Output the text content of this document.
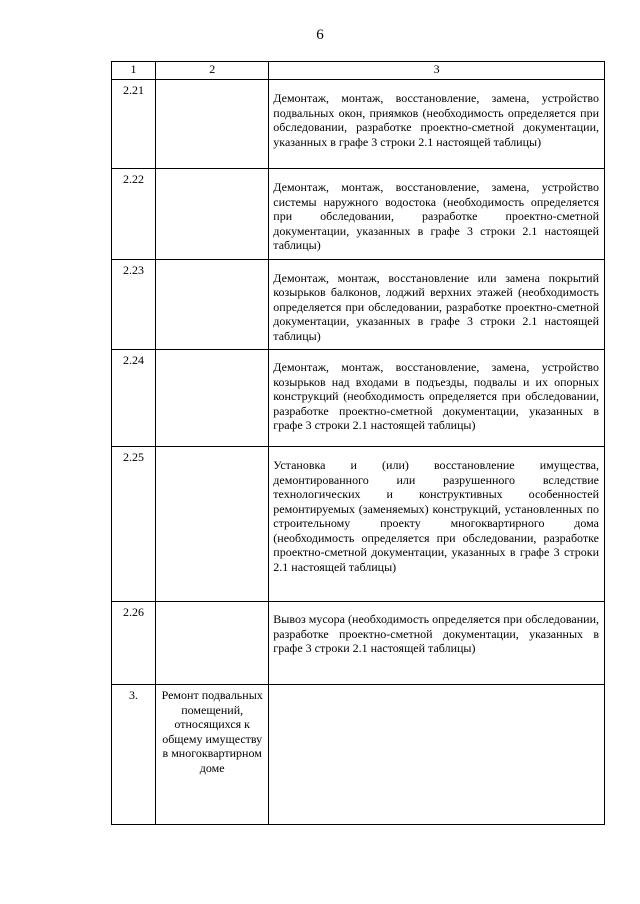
6
1	2	3
2.21		Демонтаж, монтаж, восстановление, замена, устройство подвальных окон, приямков (необходимость определяется при обследовании, разработке проектно-сметной документации, указанных в графе 3 строки 2.1 настоящей таблицы)
2.22		Демонтаж, монтаж, восстановление, замена, устройство системы наружного водостока (необходимость определяется при обследовании, разработке проектно-сметной документации, указанных в графе 3 строки 2.1 настоящей таблицы)
2.23		Демонтаж, монтаж, восстановление или замена покрытий козырьков балконов, лоджий верхних этажей (необходимость определяется при обследовании, разработке проектно-сметной документации, указанных в графе 3 строки 2.1 настоящей таблицы)
2.24		Демонтаж, монтаж, восстановление, замена, устройство козырьков над входами в подъезды, подвалы и их опорных конструкций (необходимость определяется при обследовании, разработке проектно-сметной документации, указанных в графе 3 строки 2.1 настоящей таблицы)
2.25		Установка и (или) восстановление имущества, демонтированного или разрушенного вследствие технологических и конструктивных особенностей ремонтируемых (заменяемых) конструкций, установленных по строительному проекту многоквартирного дома (необходимость определяется при обследовании, разработке проектно-сметной документации, указанных в графе 3 строки 2.1 настоящей таблицы)
2.26		Вывоз мусора (необходимость определяется при обследовании, разработке проектно-сметной документации, указанных в графе 3 строки 2.1 настоящей таблицы)
3.	Ремонт подвальных помещений, относящихся к общему имуществу в многоквартирном доме	
